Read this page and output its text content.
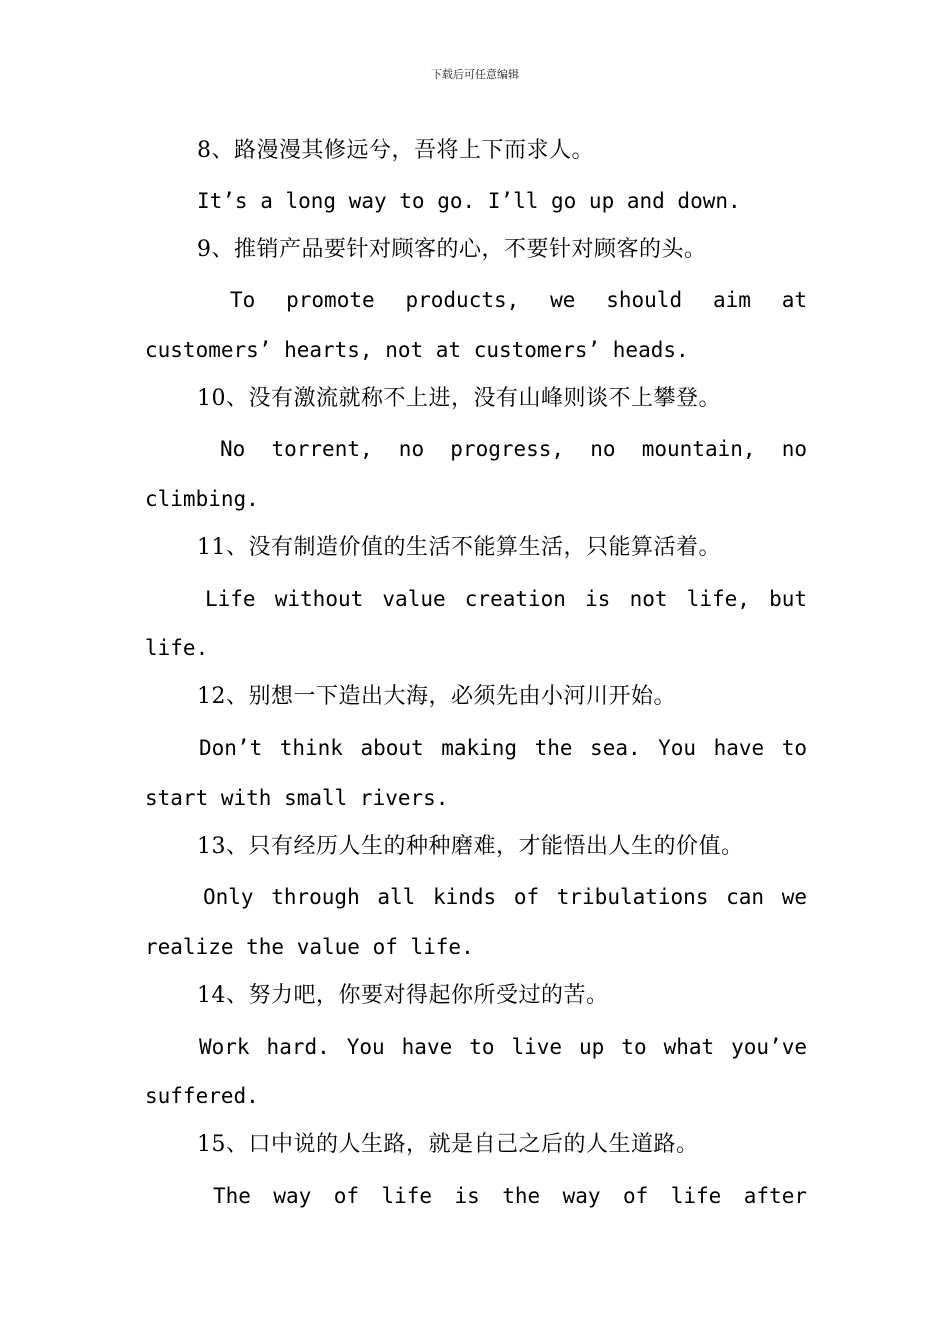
下载后可任意编辑
8、路漫漫其修远兮，吾将上下而求人。
It’s a long way to go. I’ll go up and down.
9、推销产品要针对顾客的心，不要针对顾客的头。
To promote products, we should aim at
customers’ hearts, not at customers’ heads.
10、没有激流就称不上进，没有山峰则谈不上攀登。
No torrent, no progress, no mountain, no
climbing.
11、没有制造价值的生活不能算生活，只能算活着。
Life without value creation is not life, but
life.
12、别想一下造出大海，必须先由小河川开始。
Don’t think about making the sea. You have to
start with small rivers.
13、只有经历人生的种种磨难，才能悟出人生的价值。
Only through all kinds of tribulations can we
realize the value of life.
14、努力吧，你要对得起你所受过的苦。
Work hard. You have to live up to what you’ve
suffered.
15、口中说的人生路，就是自己之后的人生道路。
The way of life is the way of life after
